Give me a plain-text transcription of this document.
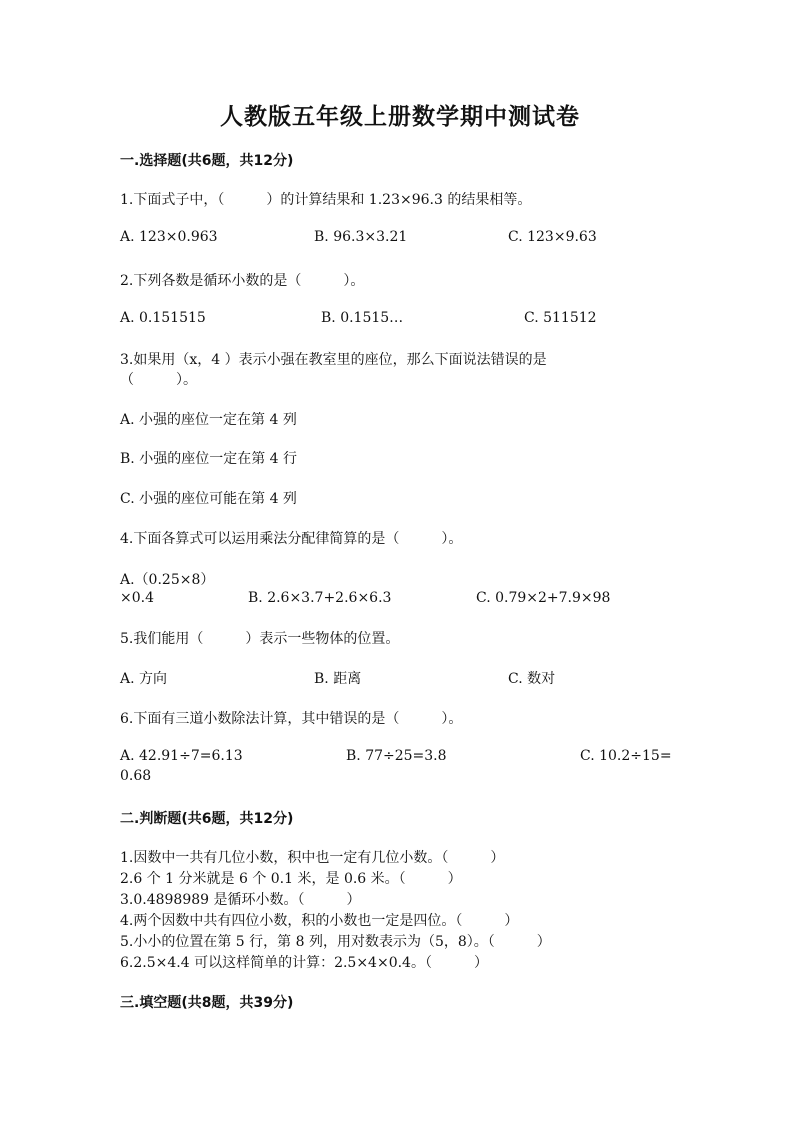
人教版五年级上册数学期中测试卷
一.选择题(共6题，共12分)
1.下面式子中，（　　　）的计算结果和 1.23×96.3 的结果相等。
A. 123×0.963	B. 96.3×3.21	C. 123×9.63
2.下列各数是循环小数的是（　　　）。
A. 0.151515	B. 0.1515…	C. 511512
3.如果用（x，4 ）表示小强在教室里的座位，那么下面说法错误的是
（　　　）。
A. 小强的座位一定在第 4 列
B. 小强的座位一定在第 4 行
C. 小强的座位可能在第 4 列
4.下面各算式可以运用乘法分配律简算的是（　　　）。
A.（0.25×8）
×0.4	B. 2.6×3.7+2.6×6.3	C. 0.79×2+7.9×98
5.我们能用（　　　）表示一些物体的位置。
A. 方向	B. 距离	C. 数对
6.下面有三道小数除法计算，其中错误的是（　　　）。
A. 42.91÷7=6.13	B. 77÷25=3.8	C. 10.2÷15=
0.68
二.判断题(共6题，共12分)
1.因数中一共有几位小数，积中也一定有几位小数。（　　　）
2.6 个 1 分米就是 6 个 0.1 米，是 0.6 米。（　　　）
3.0.4898989 是循环小数。（　　　）
4.两个因数中共有四位小数，积的小数也一定是四位。（　　　）
5.小小的位置在第 5 行，第 8 列，用对数表示为（5，8）。（　　　）
6.2.5×4.4 可以这样简单的计算：2.5×4×0.4。（　　　）
三.填空题(共8题，共39分)
